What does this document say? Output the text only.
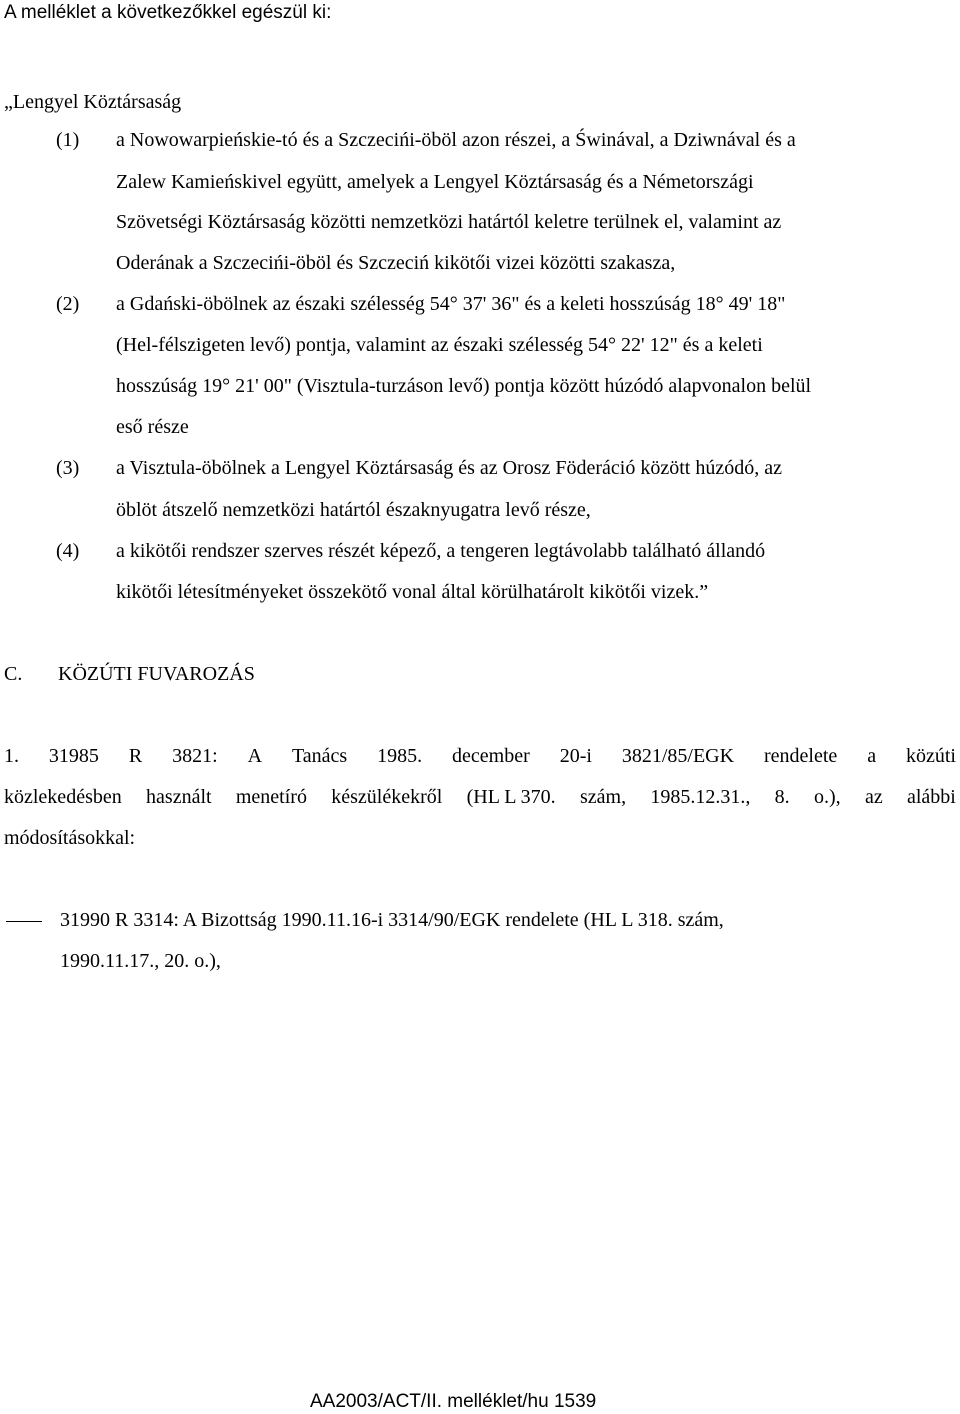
A melléklet a következőkkel egészül ki:
„Lengyel Köztársaság
(1) a Nowowarpieńskie-tó és a Szczecińi-öböl azon részei, a Świnával, a Dziwnával és a
Zalew Kamieńskivel együtt, amelyek a Lengyel Köztársaság és a Németországi
Szövetségi Köztársaság közötti nemzetközi határtól keletre terülnek el, valamint az
Oderának a Szczecińi-öböl és Szczeciń kikötői vizei közötti szakasza,
(2) a Gdański-öbölnek az északi szélesség 54° 37' 36" és a keleti hosszúság 18° 49' 18"
(Hel-félszigeten levő) pontja, valamint az északi szélesség 54° 22' 12" és a keleti
hosszúság 19° 21' 00" (Visztula-turzáson levő) pontja között húzódó alapvonalon belül
eső része
(3) a Visztula-öbölnek a Lengyel Köztársaság és az Orosz Föderáció között húzódó, az
öblöt átszelő nemzetközi határtól északnyugatra levő része,
(4) a kikötői rendszer szerves részét képező, a tengeren legtávolabb található állandó
kikötői létesítményeket összekötő vonal által körülhatárolt kikötői vizek.”
C. KÖZÚTI FUVAROZÁS
1. 31985 R 3821: A Tanács 1985. december 20-i 3821/85/EGK rendelete a közúti
közlekedésben használt menetíró készülékekről (HL L 370. szám, 1985.12.31., 8. o.), az alábbi
módosításokkal:
31990 R 3314: A Bizottság 1990.11.16-i 3314/90/EGK rendelete (HL L 318. szám,
1990.11.17., 20. o.),
AA2003/ACT/II. melléklet/hu 1539
